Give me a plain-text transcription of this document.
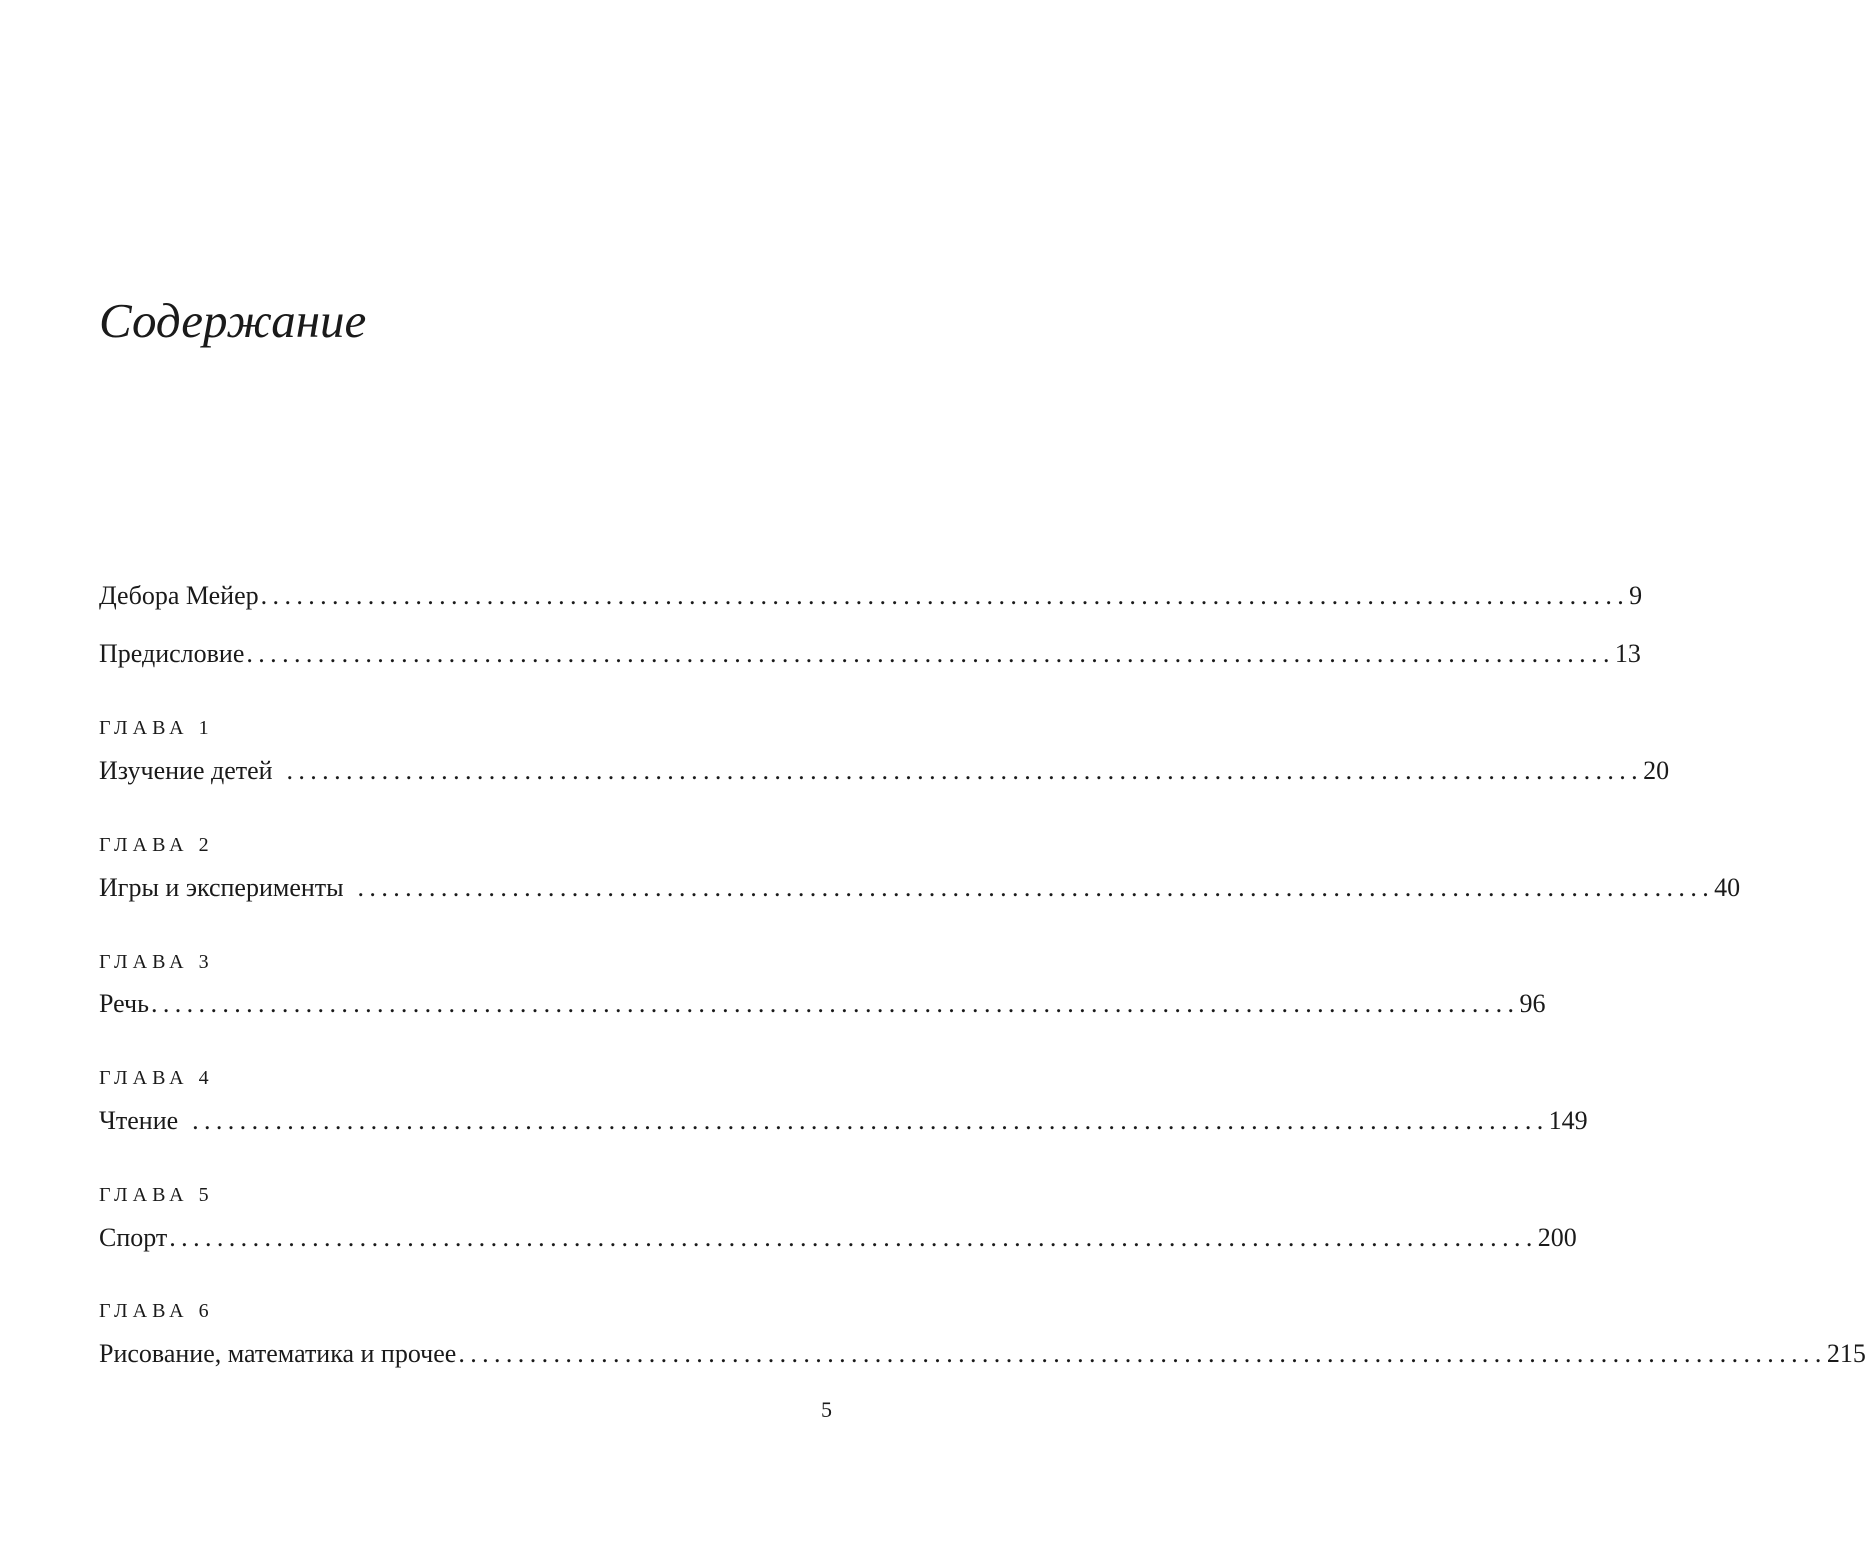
Содержание
Дебора Мейер ................................................................................................................... 9
Предисловие ................................................................................................................... 13
ГЛАВА 1
Изучение детей .................................................................................................................. 20
ГЛАВА 2
Игры и эксперименты .................................................................................................................. 40
ГЛАВА 3
Речь ................................................................................................................... 96
ГЛАВА 4
Чтение .................................................................................................................. 149
ГЛАВА 5
Спорт ................................................................................................................... 200
ГЛАВА 6
Рисование, математика и прочее ................................................................................................................... 215
5
